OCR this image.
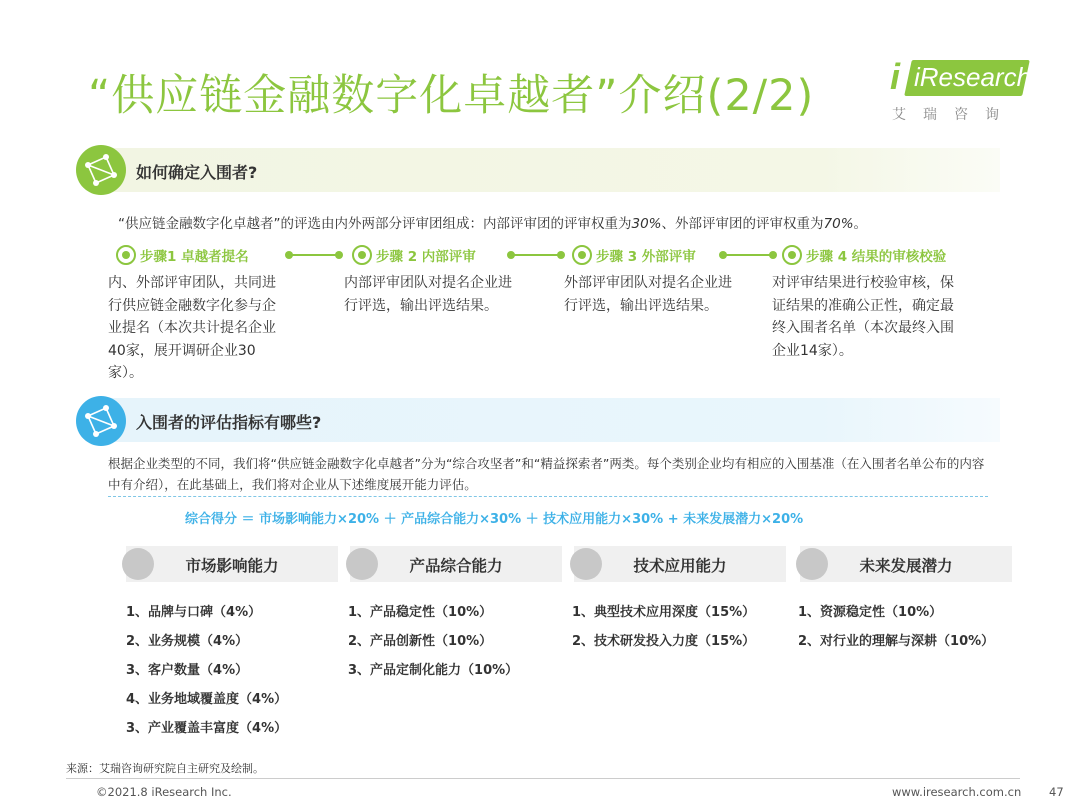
“供应链金融数字化卓越者”介绍(2/2) i iResearch
艾瑞咨询
如何确定入围者?
“供应链金融数字化卓越者”的评选由内外两部分评审团组成：内部评审团的评审权重为30%、外部评审团的评审权重为70%。
步骤1 卓越者提名	步骤 2 内部评审	步骤 3 外部评审	步骤 4 结果的审核校验
内、外部评审团队，共同进行供应链金融数字化参与企业提名（本次共计提名企业40家，展开调研企业30家）。
内部评审团队对提名企业进行评选，输出评选结果。
外部评审团队对提名企业进行评选，输出评选结果。
对评审结果进行校验审核，保证结果的准确公正性，确定最终入围者名单（本次最终入围企业14家）。
入围者的评估指标有哪些?
根据企业类型的不同，我们将“供应链金融数字化卓越者”分为“综合攻坚者”和“精益探索者”两类。每个类别企业均有相应的入围基准（在入围者名单公布的内容中有介绍），在此基础上，我们将对企业从下述维度展开能力评估。
综合得分 ＝ 市场影响能力×20% ＋ 产品综合能力×30% ＋ 技术应用能力×30% + 未来发展潜力×20%
市场影响能力	产品综合能力	技术应用能力	未来发展潜力
1、品牌与口碑（4%）
2、业务规模（4%）
3、客户数量（4%）
4、业务地域覆盖度（4%）
3、产业覆盖丰富度（4%）
1、产品稳定性（10%）
2、产品创新性（10%）
3、产品定制化能力（10%）
1、典型技术应用深度（15%）
2、技术研发投入力度（15%）
1、资源稳定性（10%）
2、对行业的理解与深耕（10%）
来源：艾瑞咨询研究院自主研究及绘制。
©2021.8 iResearch Inc.	www.iresearch.com.cn 47
